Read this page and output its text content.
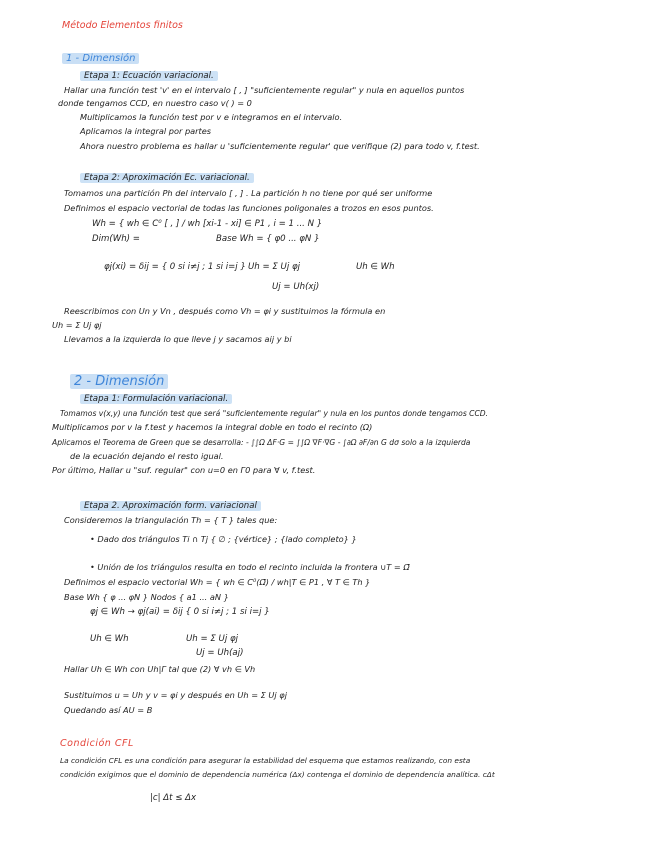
Método Elementos finitos
1 - Dimensión
Etapa 1: Ecuación variacional.
Hallar una función test 'v' en el intervalo [ , ] "suficientemente regular" y nula en aquellos puntos
donde tengamos CCD, en nuestro caso v( ) = 0
Multiplicamos la función test por v e integramos en el intervalo.
Aplicamos la integral por partes
Ahora nuestro problema es hallar u 'suficientemente regular' que verifique (2) para todo v, f.test.
Etapa 2: Aproximación Ec. variacional.
Tomamos una partición Ph del intervalo [ , ] . La partición h no tiene por qué ser uniforme
Definimos el espacio vectorial de todas las funciones poligonales a trozos en esos puntos.
Wh = { wh ∈ C⁰ [ , ] / wh [xi-1 - xi] ∈ P1 , i = 1 ... N }
Dim(Wh) =	Base Wh = { φ0 ... φN }
φj(xi) = δij = { 0 si i≠j ; 1 si i=j } Uh = Σ Uj φj	Uh ∈ Wh
Uj = Uh(xj)
Reescribimos con Un y Vn , después como Vh = φi y sustituimos la fórmula en
Uh = Σ Uj φj
Llevamos a la izquierda lo que lleve j y sacamos aij y bi
2 - Dimensión
Etapa 1: Formulación variacional.
Tomamos v(x,y) una función test que será "suficientemente regular" y nula en los puntos donde tengamos CCD.
Multiplicamos por v la f.test y hacemos la integral doble en todo el recinto (Ω)
Aplicamos el Teorema de Green que se desarrolla: - ∫∫Ω ΔF·G = ∫∫Ω ∇F·∇G - ∫∂Ω ∂F/∂n G dσ solo a la izquierda
de la ecuación dejando el resto igual.
Por último, Hallar u "suf. regular" con u=0 en Γ0 para ∀ v, f.test.
Etapa 2. Aproximación form. variacional
Consideremos la triangulación Th = { T } tales que:
• Dado dos triángulos Ti ∩ Tj { ∅ ; {vértice} ; {lado completo} }
• Unión de los triángulos resulta en todo el recinto incluida la frontera ∪T = Ω̄
Definimos el espacio vectorial Wh = { wh ∈ C⁰(Ω̄) / wh|T ∈ P1 , ∀ T ∈ Th }
Base Wh { φ ... φN } Nodos { a1 ... aN }
φj ∈ Wh → φj(ai) = δij { 0 si i≠j ; 1 si i=j }
Uh ∈ Wh	Uh = Σ Uj φj
Uj = Uh(aj)
Hallar Uh ∈ Wh con Uh|Γ tal que (2) ∀ vh ∈ Vh
Sustituimos u = Uh y v = φi y después en Uh = Σ Uj φj
Quedando así AU = B
Condición CFL
La condición CFL es una condición para asegurar la estabilidad del esquema que estamos realizando, con esta
condición exigimos que el dominio de dependencia numérica (Δx) contenga el dominio de dependencia analítica. cΔt
|c| Δt ≤ Δx
